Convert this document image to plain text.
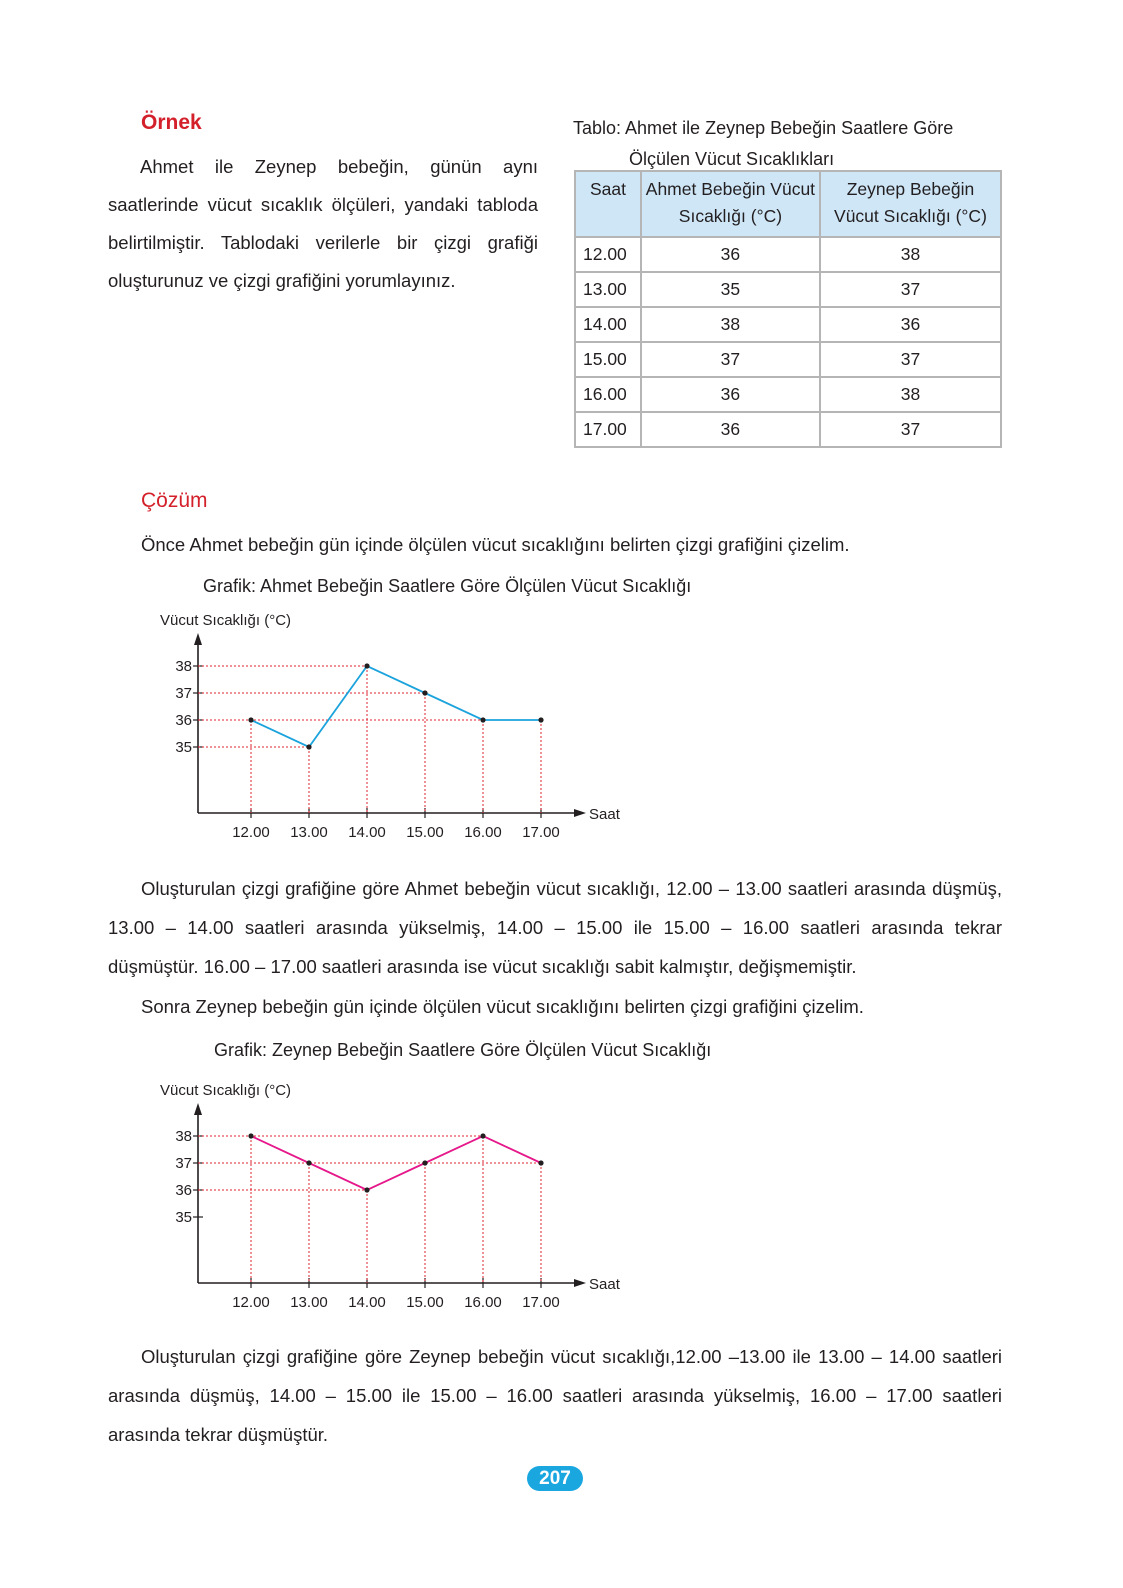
Örnek
Ahmet ile Zeynep bebeğin, günün aynı saatlerinde vücut sıcaklık ölçüleri, yandaki tabloda belirtilmiştir. Tablodaki verilerle bir çizgi grafiği oluşturunuz ve çizgi grafiğini yorumlayınız.
Tablo: Ahmet ile Zeynep Bebeğin Saatlere Göre
Ölçülen Vücut Sıcaklıkları
Saat	Ahmet Bebeğin Vücut Sıcaklığı (°C)	Zeynep Bebeğin Vücut Sıcaklığı (°C)
12.00	36	38
13.00	35	37
14.00	38	36
15.00	37	37
16.00	36	38
17.00	36	37
Çözüm
Önce Ahmet bebeğin gün içinde ölçülen vücut sıcaklığını belirten çizgi grafiğini çizelim.
Grafik: Ahmet Bebeğin Saatlere Göre Ölçülen Vücut Sıcaklığı
Vücut Sıcaklığı (°C)
Saat
35
36
37
38
12.00 13.00 14.00 15.00 16.00 17.00
Oluşturulan çizgi grafiğine göre Ahmet bebeğin vücut sıcaklığı, 12.00 – 13.00 saatleri arasında düşmüş, 13.00 – 14.00 saatleri arasında yükselmiş, 14.00 – 15.00 ile 15.00 – 16.00 saatleri arasında tekrar düşmüştür. 16.00 – 17.00 saatleri arasında ise vücut sıcaklığı sabit kalmıştır, değişmemiştir.
Sonra Zeynep bebeğin gün içinde ölçülen vücut sıcaklığını belirten çizgi grafiğini çizelim.
Grafik: Zeynep Bebeğin Saatlere Göre Ölçülen Vücut Sıcaklığı
Vücut Sıcaklığı (°C)
Saat
35
36
37
38
12.00 13.00 14.00 15.00 16.00 17.00
Oluşturulan çizgi grafiğine göre Zeynep bebeğin vücut sıcaklığı,12.00 –13.00 ile 13.00 – 14.00 saatleri arasında düşmüş, 14.00 – 15.00 ile 15.00 – 16.00 saatleri arasında yükselmiş, 16.00 – 17.00 saatleri arasında tekrar düşmüştür.
207
